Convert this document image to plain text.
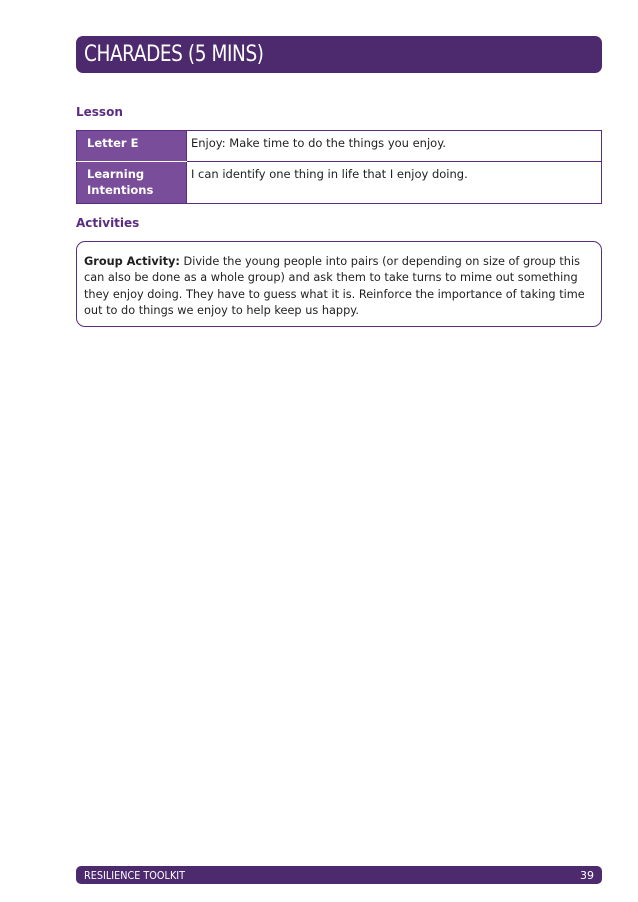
CHARADES (5 MINS)
Lesson
Letter E	Enjoy: Make time to do the things you enjoy.
Learning Intentions	I can identify one thing in life that I enjoy doing.
Activities
Group Activity: Divide the young people into pairs (or depending on size of group this can also be done as a whole group) and ask them to take turns to mime out something they enjoy doing. They have to guess what it is. Reinforce the importance of taking time out to do things we enjoy to help keep us happy.
RESILIENCE TOOLKIT	39
